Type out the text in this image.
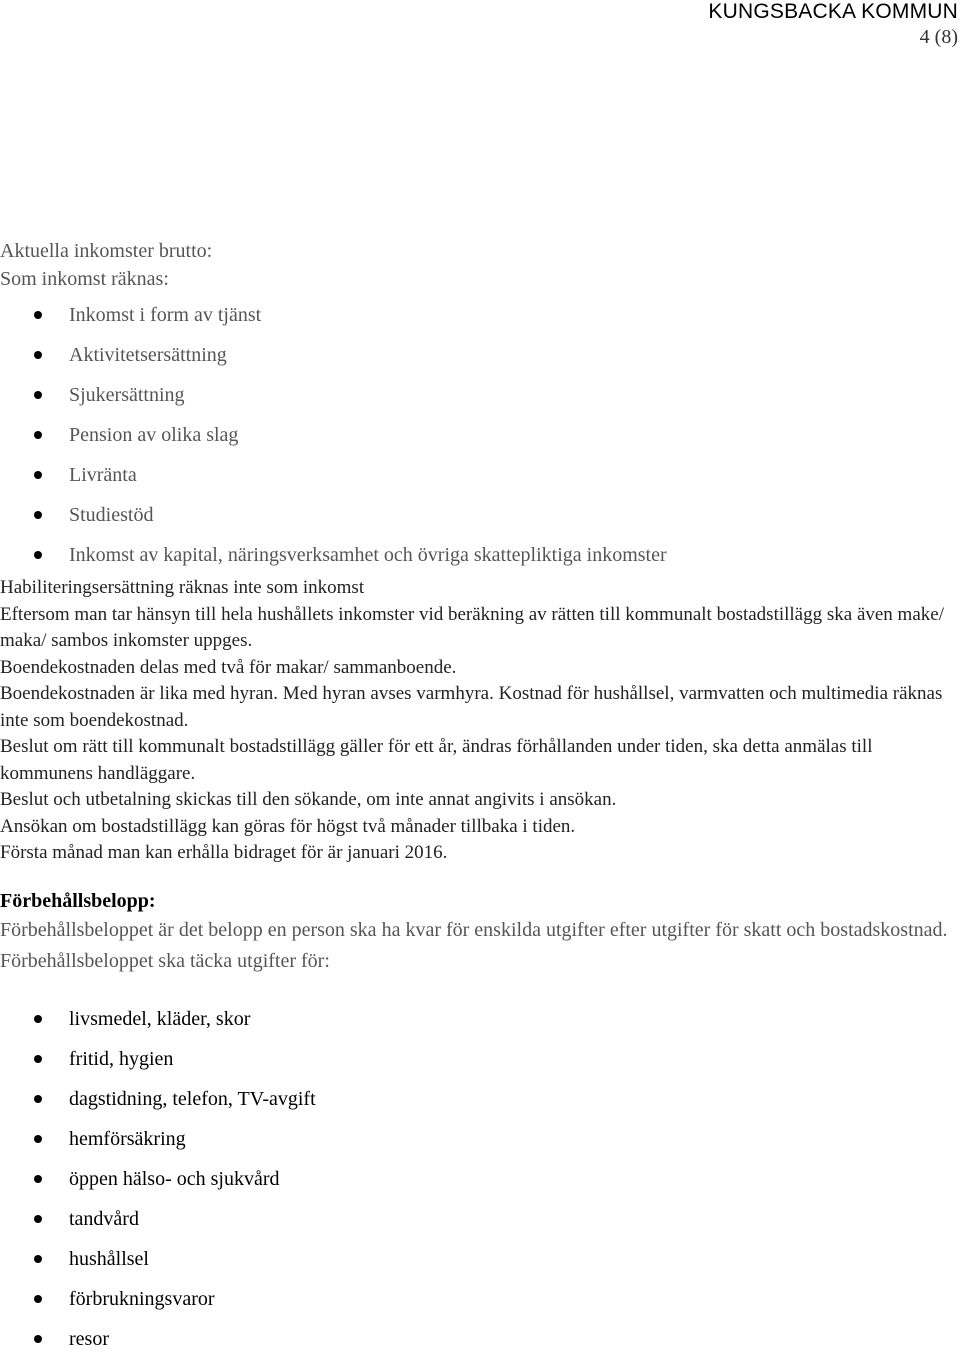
KUNGSBACKA KOMMUN
4 (8)

Aktuella inkomster brutto:

Som inkomst räknas:

Inkomst i form av tjänst
Aktivitetsersättning
Sjukersättning
Pension av olika slag
Livränta
Studiestöd
Inkomst av kapital, näringsverksamhet och övriga skattepliktiga inkomster

Habiliteringsersättning räknas inte som inkomst

Eftersom man tar hänsyn till hela hushållets inkomster vid beräkning av rätten till kommunalt bostadstillägg ska även make/ maka/ sambos inkomster uppges.

Boendekostnaden delas med två för makar/ sammanboende.

Boendekostnaden är lika med hyran. Med hyran avses varmhyra. Kostnad för hushållsel, varmvatten och multimedia räknas inte som boendekostnad.

Beslut om rätt till kommunalt bostadstillägg gäller för ett år, ändras förhållanden under tiden, ska detta anmälas till kommunens handläggare.

Beslut och utbetalning skickas till den sökande, om inte annat angivits i ansökan.

Ansökan om bostadstillägg kan göras för högst två månader tillbaka i tiden.

Första månad man kan erhålla bidraget för är januari 2016.

Förbehållsbelopp:

Förbehållsbeloppet är det belopp en person ska ha kvar för enskilda utgifter efter utgifter för skatt och bostadskostnad. Förbehållsbeloppet ska täcka utgifter för:

livsmedel, kläder, skor
fritid, hygien
dagstidning, telefon, TV-avgift
hemförsäkring
öppen hälso- och sjukvård
tandvård
hushållsel
förbrukningsvaror
resor
